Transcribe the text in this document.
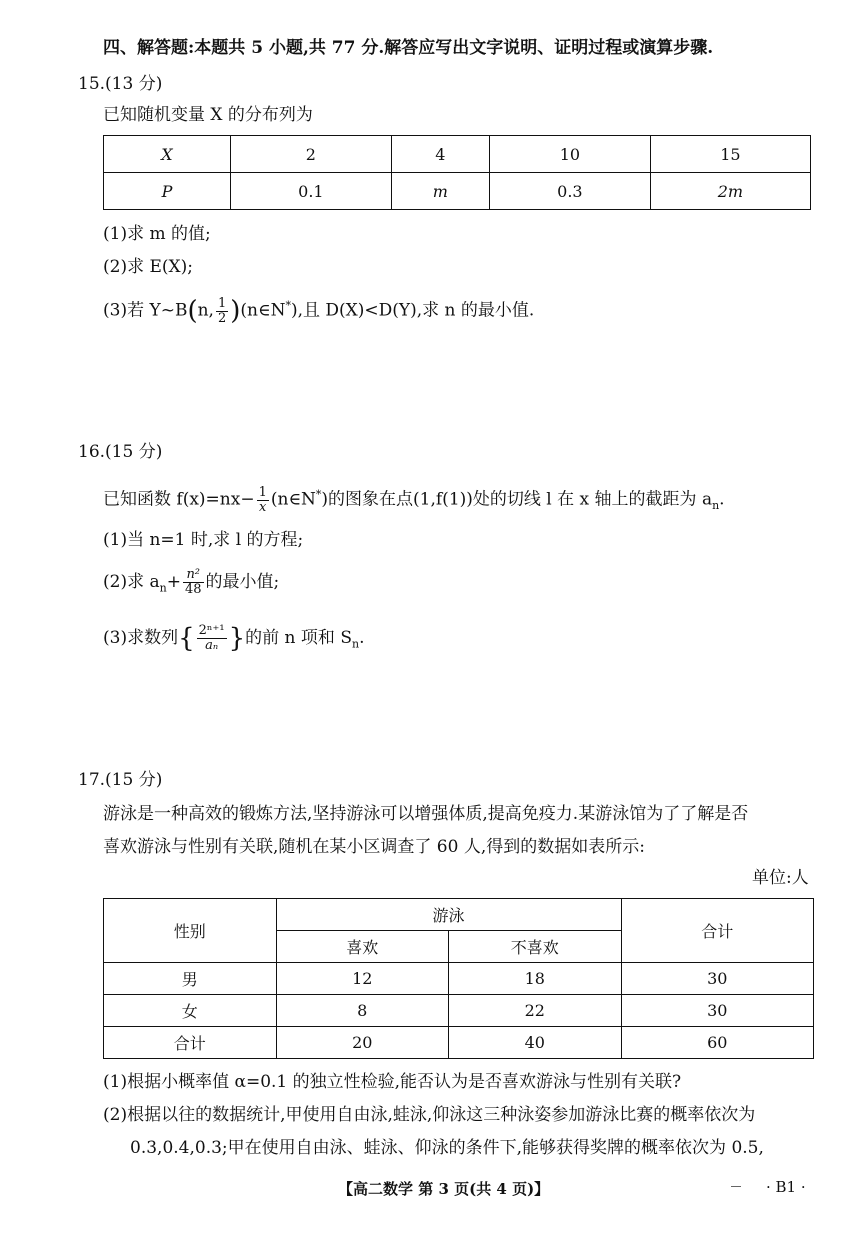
四、解答题:本题共 5 小题,共 77 分.解答应写出文字说明、证明过程或演算步骤.
15.(13 分)
已知随机变量 X 的分布列为
X	2	4	10	15
P	0.1	m	0.3	2m
(1)求 m 的值;
(2)求 E(X);
(3)若 Y~B(n, $\frac{1}{2}$ )(n∈N*),且 D(X)<D(Y),求 n 的最小值.
16.(15 分)
已知函数 $f(x)=nx- \frac{1}{x}$ (n∈N*)的图象在点(1,f(1))处的切线 l 在 x 轴上的截距为 $a_n$.
(1)当 n=1 时,求 l 的方程;
(2)求 $a_n+ \frac{\text{n²}}{48}$ 的最小值;
(3)求数列{ $\frac{\text{2ⁿ⁺¹}}{\text{aₙ}}$ }的前 n 项和 $S_n$.
17.(15 分)
游泳是一种高效的锻炼方法,坚持游泳可以增强体质,提高免疫力.某游泳馆为了了解是否
喜欢游泳与性别有关联,随机在某小区调查了 60 人,得到的数据如表所示:
单位:人
性别	游泳		合计
	喜欢	不喜欢	
男	12	18	30
女	8	22	30
合计	20	40	60
(1)根据小概率值 α=0.1 的独立性检验,能否认为是否喜欢游泳与性别有关联?
(2)根据以往的数据统计,甲使用自由泳,蛙泳,仰泳这三种泳姿参加游泳比赛的概率依次为
0.3,0.4,0.3;甲在使用自由泳、蛙泳、仰泳的条件下,能够获得奖牌的概率依次为 0.5,
【高二数学 第 3 页(共 4 页)】	· B1 ·
